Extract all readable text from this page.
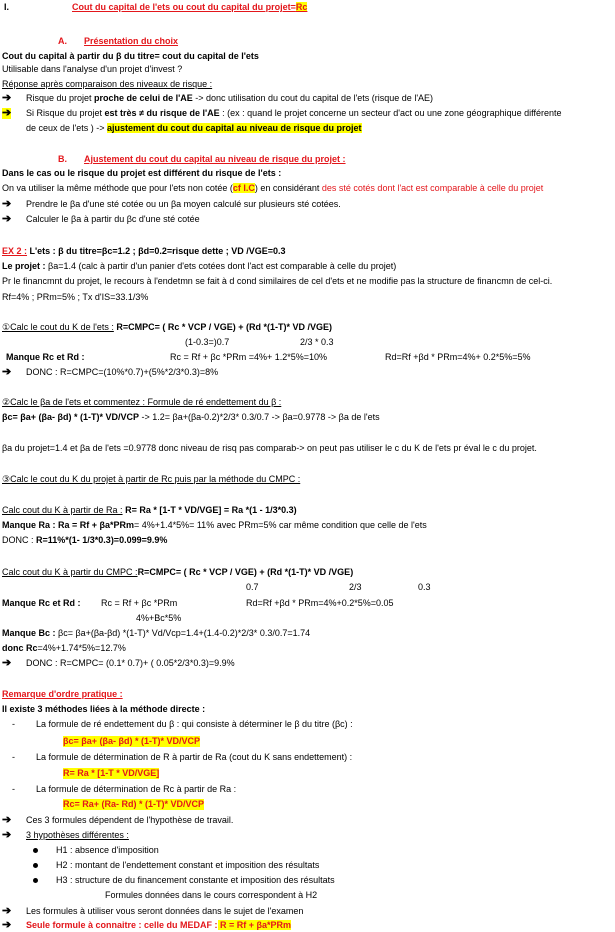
I.	Cout du capital de l'ets ou cout du capital du projet=Rc
A. Présentation du choix
Cout du capital à partir du β du titre= cout du capital de l'ets
Utilisable dans l'analyse d'un projet d'invest ?
Réponse après comparaison des niveaux de risque :
➔ Risque du projet proche de celui de l'AE -> donc utilisation du cout du capital de l'ets (risque de l'AE)
➔ Si Risque du projet est très ≠ du risque de l'AE : (ex : quand le projet concerne un secteur d'act ou une zone géographique différente
de ceux de l'ets ) -> ajustement du cout du capital au niveau de risque du projet
B. Ajustement du cout du capital au niveau de risque du projet :
Dans le cas ou le risque du projet est différent du risque de l'ets :
On va utiliser la même méthode que pour l'ets non cotée (cf I.C) en considérant des sté cotés dont l'act est comparable à celle du projet
➔ Prendre le βa d'une sté cotée ou un βa moyen calculé sur plusieurs sté cotées.
➔ Calculer le βa à partir du βc d'une sté cotée
EX 2 : L'ets : β du titre=βc=1.2 ; βd=0.2=risque dette ; VD /VGE=0.3
Le projet : βa=1.4 (calc à partir d'un panier d'ets cotées dont l'act est comparable à celle du projet)
Pr le financmnt du projet, le recours à l'endetmn se fait à d cond similaires de cel d'ets et ne modifie pas la structure de financmn de cel-ci.
Rf=4% ; PRm=5% ; Tx d'IS=33.1/3%
①Calc le cout du K de l'ets : R=CMPC= ( Rc * VCP / VGE) + (Rd *(1-T)* VD /VGE)
(1-0.3=)0.7	2/3 * 0.3
Manque Rc et Rd :	Rc = Rf + βc *PRm =4%+ 1.2*5%=10%	Rd=Rf +βd * PRm=4%+ 0.2*5%=5%
➔ DONC : R=CMPC=(10%*0.7)+(5%*2/3*0.3)=8%
②Calc le βa de l'ets et commentez : Formule de ré endettement du β :
βc= βa+ (βa- βd) * (1-T)* VD/VCP -> 1.2= βa+(βa-0.2)*2/3* 0.3/0.7 -> βa=0.9778 -> βa de l'ets
βa du projet=1.4 et βa de l'ets =0.9778 donc niveau de risq pas comparab-> on peut pas utiliser le c du K de l'ets pr éval le c du projet.
③Calc le cout du K du projet à partir de Rc puis par la méthode du CMPC :
Calc cout du K à partir de Ra : R= Ra * [1-T * VD/VGE] = Ra *(1 - 1/3*0.3)
Manque Ra : Ra = Rf + βa*PRm= 4%+1.4*5%= 11% avec PRm=5% car même condition que celle de l'ets
DONC : R=11%*(1- 1/3*0.3)=0.099=9.9%
Calc cout du K à partir du CMPC :R=CMPC= ( Rc * VCP / VGE) + (Rd *(1-T)* VD /VGE)
0.7	2/3	0.3
Manque Rc et Rd : Rc = Rf + βc *PRm	Rd=Rf +βd * PRm=4%+0.2*5%=0.05
4%+Bc*5%
Manque Bc : βc= βa+(βa-βd) *(1-T)* Vd/Vcp=1.4+(1.4-0.2)*2/3* 0.3/0.7=1.74
donc Rc=4%+1.74*5%=12.7%
➔ DONC : R=CMPC= (0.1* 0.7)+ ( 0.05*2/3*0.3)=9.9%
Remarque d'ordre pratique :
Il existe 3 méthodes liées à la méthode directe :
- La formule de ré endettement du β : qui consiste à déterminer le β du titre (βc) :
βc= βa+ (βa- βd) * (1-T)* VD/VCP
- La formule de détermination de R à partir de Ra (cout du K sans endettement) :
R= Ra * [1-T * VD/VGE]
- La formule de détermination de Rc à partir de Ra :
Rc= Ra+ (Ra- Rd) * (1-T)* VD/VCP
➔ Ces 3 formules dépendent de l'hypothèse de travail.
➔ 3 hypothèses différentes :
H1 : absence d'imposition
H2 : montant de l'endettement constant et imposition des résultats
H3 : structure de du financement constante et imposition des résultats
Formules données dans le cours correspondent à H2
➔ Les formules à utiliser vous seront données dans le sujet de l'examen
➔ Seule formule à connaitre : celle du MEDAF : R = Rf + βa*PRm
